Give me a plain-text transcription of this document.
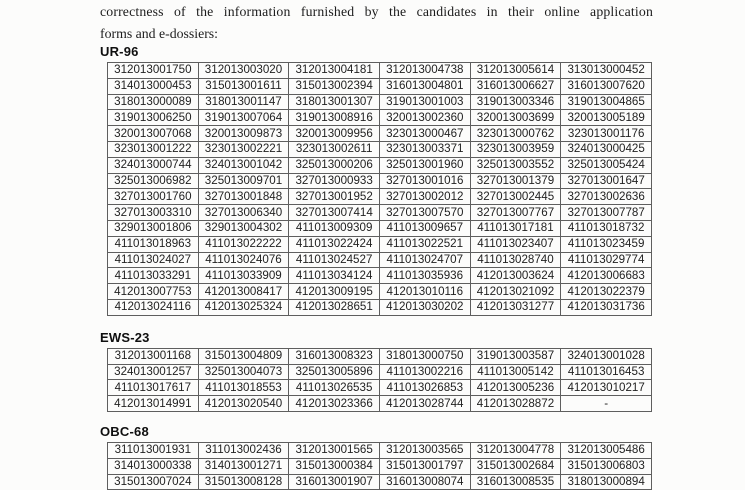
correctness of the information furnished by the candidates in their online application

forms and e-dossiers:

UR-96
312013001750	312013003020	312013004181	312013004738	312013005614	313013000452
314013000453	315013001611	315013002394	316013004801	316013006627	316013007620
318013000089	318013001147	318013001307	319013001003	319013003346	319013004865
319013006250	319013007064	319013008916	320013002360	320013003699	320013005189
320013007068	320013009873	320013009956	323013000467	323013000762	323013001176
323013001222	323013002221	323013002611	323013003371	323013003959	324013000425
324013000744	324013001042	325013000206	325013001960	325013003552	325013005424
325013006982	325013009701	327013000933	327013001016	327013001379	327013001647
327013001760	327013001848	327013001952	327013002012	327013002445	327013002636
327013003310	327013006340	327013007414	327013007570	327013007767	327013007787
329013001806	329013004302	411013009309	411013009657	411013017181	411013018732
411013018963	411013022222	411013022424	411013022521	411013023407	411013023459
411013024027	411013024076	411013024527	411013024707	411013028740	411013029774
411013033291	411013033909	411013034124	411013035936	412013003624	412013006683
412013007753	412013008417	412013009195	412013010116	412013021092	412013022379
412013024116	412013025324	412013028651	412013030202	412013031277	412013031736
EWS-23
312013001168	315013004809	316013008323	318013000750	319013003587	324013001028
324013001257	325013004073	325013005896	411013002216	411013005142	411013016453
411013017617	411013018553	411013026535	411013026853	412013005236	412013010217
412013014991	412013020540	412013023366	412013028744	412013028872	-
OBC-68
311013001931	311013002436	312013001565	312013003565	312013004778	312013005486
314013000338	314013001271	315013000384	315013001797	315013002684	315013006803
315013007024	315013008128	316013001907	316013008074	316013008535	318013000894
